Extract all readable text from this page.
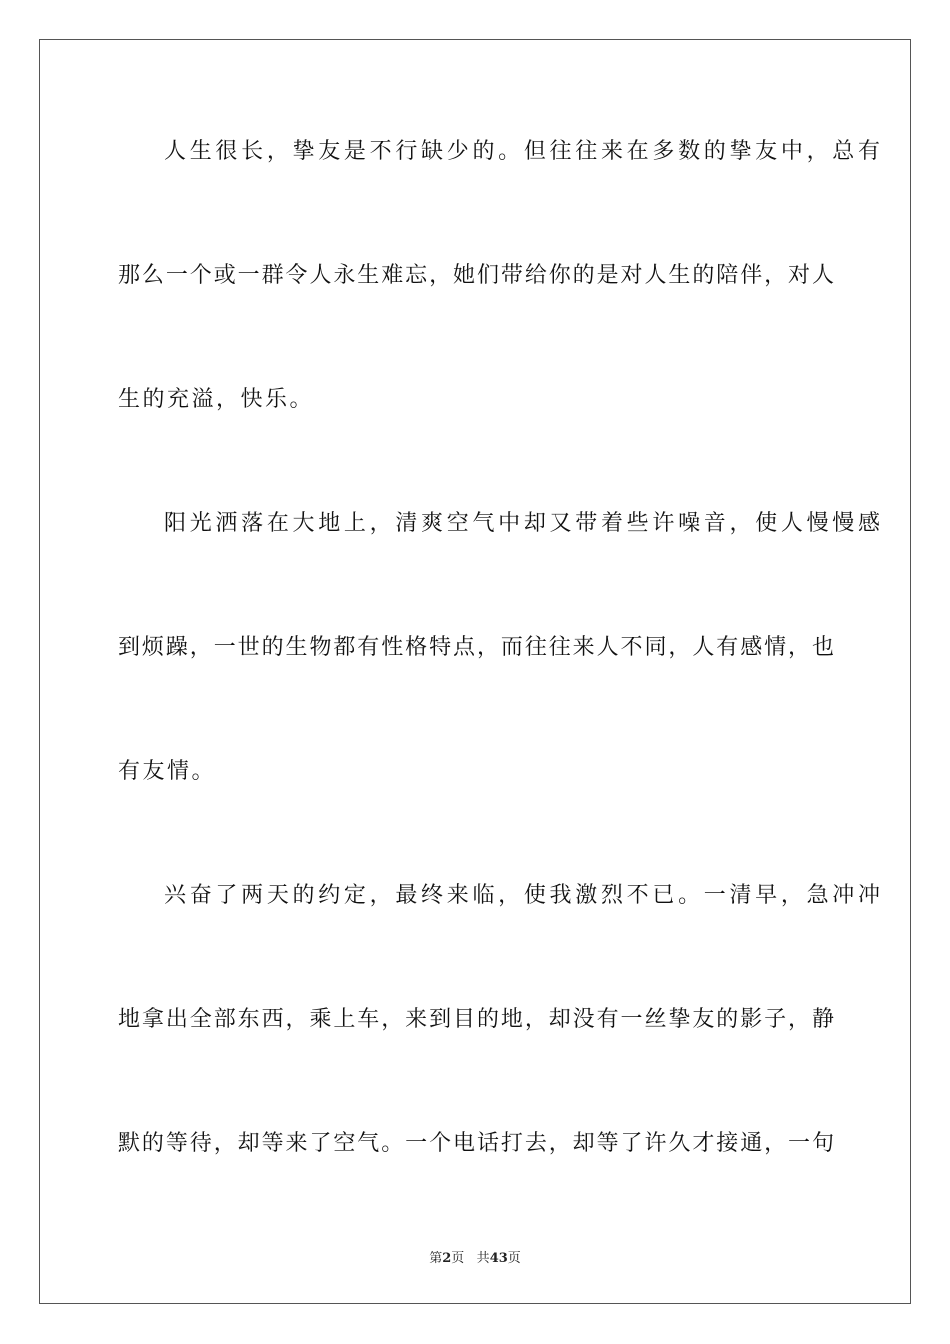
人生很长，挚友是不行缺少的。但往往来在多数的挚友中，总有
那么一个或一群令人永生难忘，她们带给你的是对人生的陪伴，对人
生的充溢，快乐。
阳光洒落在大地上，清爽空气中却又带着些许噪音，使人慢慢感
到烦躁，一世的生物都有性格特点，而往往来人不同，人有感情，也
有友情。
兴奋了两天的约定，最终来临，使我激烈不已。一清早，急冲冲
地拿出全部东西，乘上车，来到目的地，却没有一丝挚友的影子，静
默的等待，却等来了空气。一个电话打去，却等了许久才接通，一句
第2页 共43页
